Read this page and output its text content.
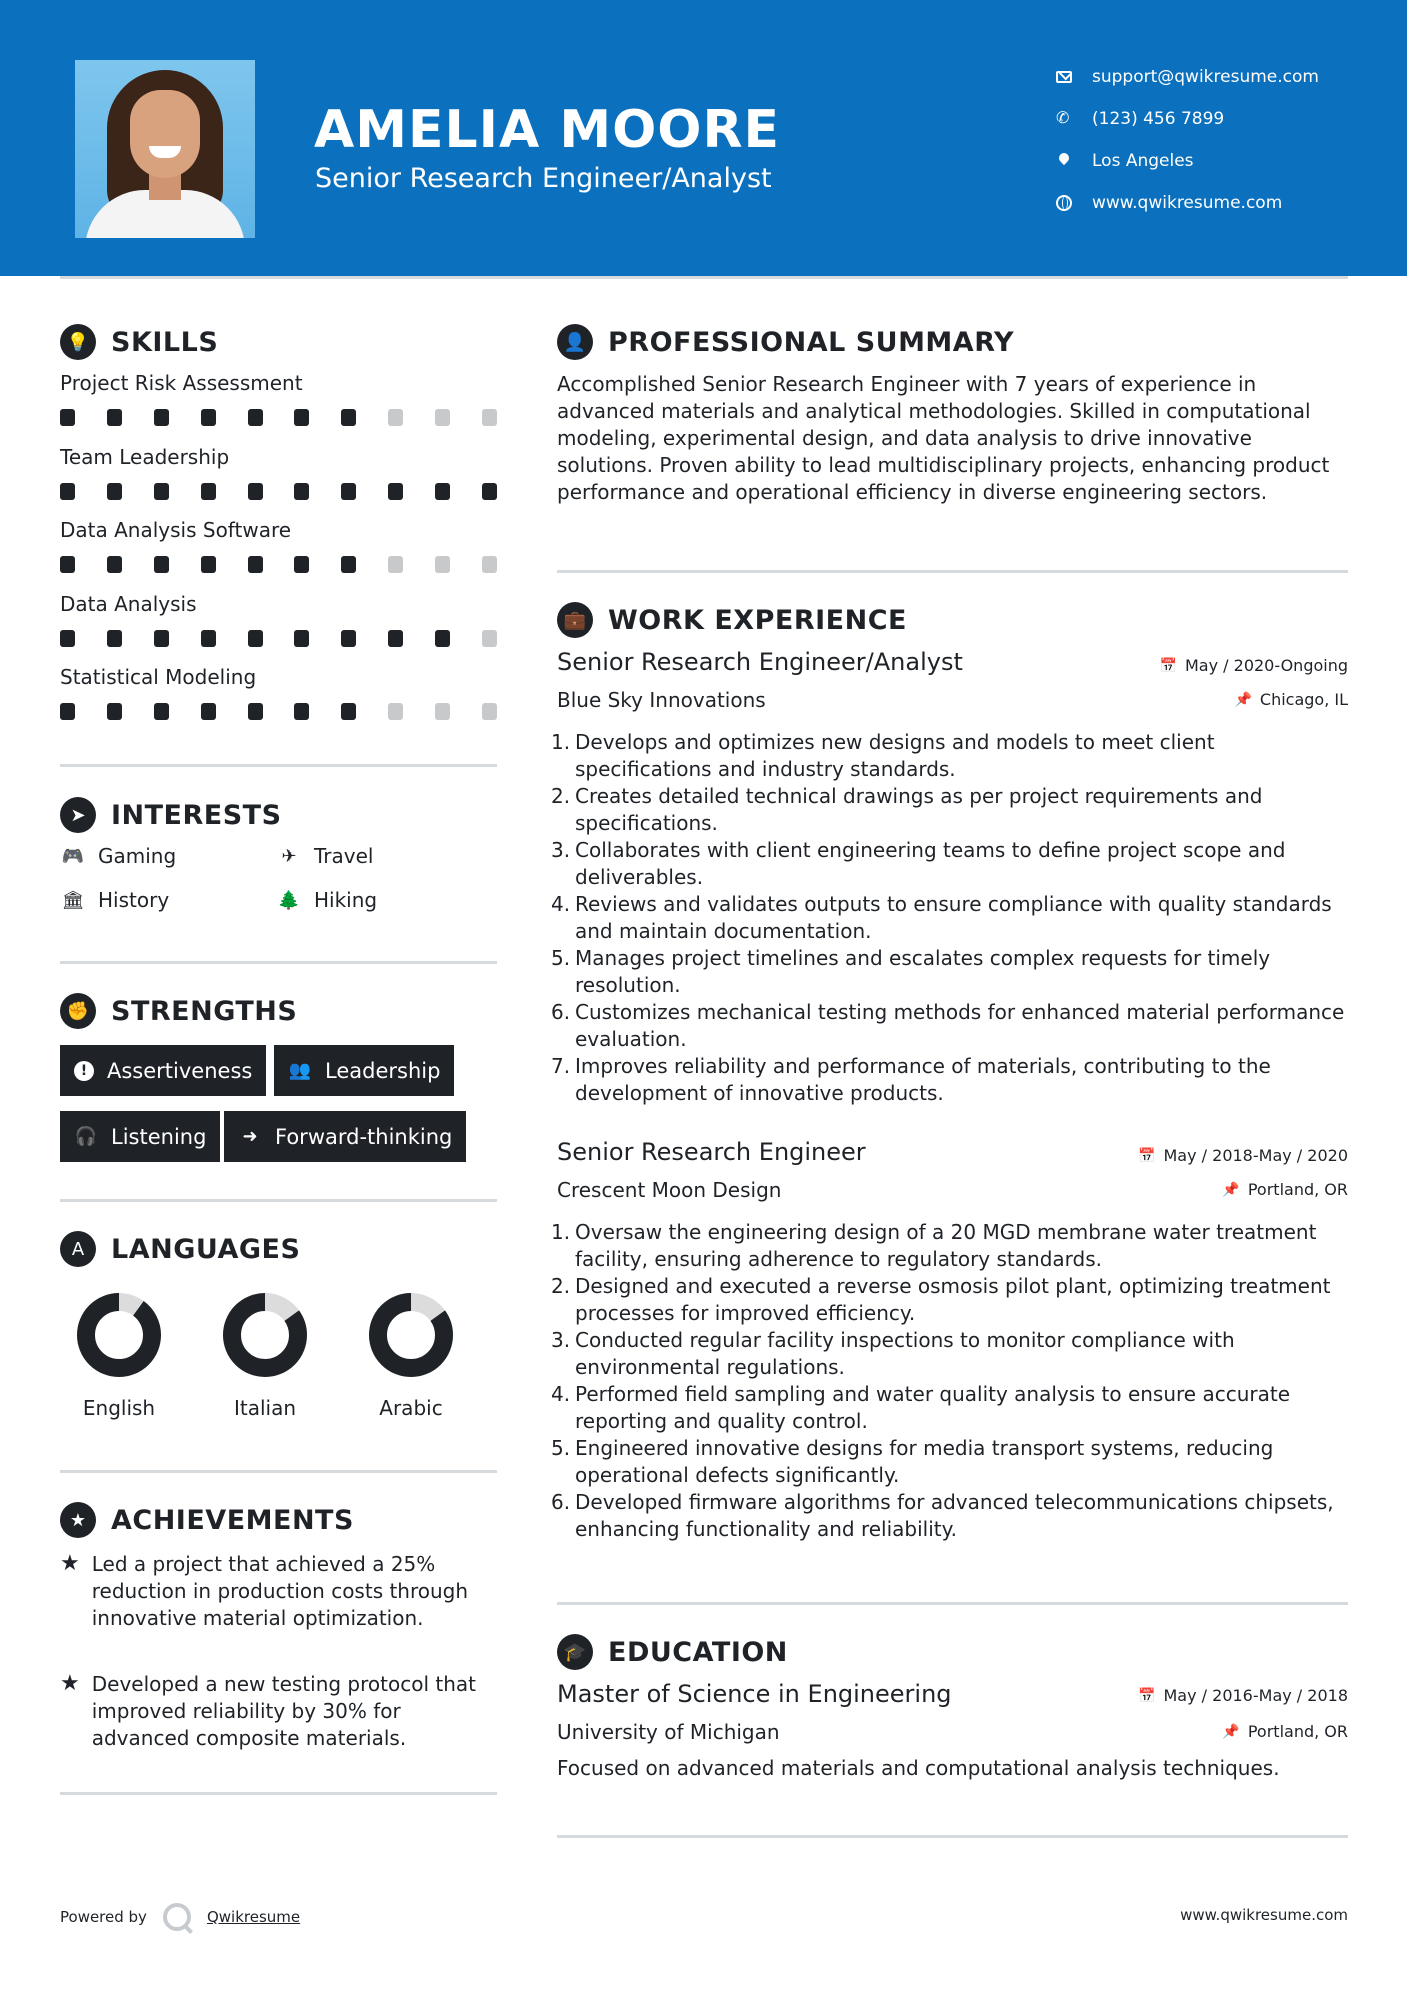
AMELIA MOORE
Senior Research Engineer/Analyst
support@qwikresume.com
✆
(123) 456 7899
Los Angeles
www.qwikresume.com
💡 SKILLS
Project Risk Assessment
Team Leadership
Data Analysis Software
Data Analysis
Statistical Modeling
➤ INTERESTS
🎮 Gaming	✈ Travel
🏛 History	🌲 Hiking
✊ STRENGTHS
! Assertiveness 👥 Leadership
🎧 Listening ➜ Forward-thinking
A LANGUAGES
English	Italian	Arabic
★ ACHIEVEMENTS
★ Led a project that achieved a 25% reduction in production costs through innovative material optimization.
★ Developed a new testing protocol that improved reliability by 30% for advanced composite materials.
👤 PROFESSIONAL SUMMARY
Accomplished Senior Research Engineer with 7 years of experience in advanced materials and analytical methodologies. Skilled in computational modeling, experimental design, and data analysis to drive innovative solutions. Proven ability to lead multidisciplinary projects, enhancing product performance and operational efficiency in diverse engineering sectors.
💼 WORK EXPERIENCE
Senior Research Engineer/Analyst	📅 May / 2020-Ongoing
Blue Sky Innovations	📌 Chicago, IL
1. Develops and optimizes new designs and models to meet client specifications and industry standards.
2. Creates detailed technical drawings as per project requirements and specifications.
3. Collaborates with client engineering teams to define project scope and deliverables.
4. Reviews and validates outputs to ensure compliance with quality standards and maintain documentation.
5. Manages project timelines and escalates complex requests for timely resolution.
6. Customizes mechanical testing methods for enhanced material performance evaluation.
7. Improves reliability and performance of materials, contributing to the development of innovative products.
Senior Research Engineer	📅 May / 2018-May / 2020
Crescent Moon Design	📌 Portland, OR
1. Oversaw the engineering design of a 20 MGD membrane water treatment facility, ensuring adherence to regulatory standards.
2. Designed and executed a reverse osmosis pilot plant, optimizing treatment processes for improved efficiency.
3. Conducted regular facility inspections to monitor compliance with environmental regulations.
4. Performed field sampling and water quality analysis to ensure accurate reporting and quality control.
5. Engineered innovative designs for media transport systems, reducing operational defects significantly.
6. Developed firmware algorithms for advanced telecommunications chipsets, enhancing functionality and reliability.
🎓 EDUCATION
Master of Science in Engineering	📅 May / 2016-May / 2018
University of Michigan	📌 Portland, OR
Focused on advanced materials and computational analysis techniques.
Powered by	Qwikresume	www.qwikresume.com
